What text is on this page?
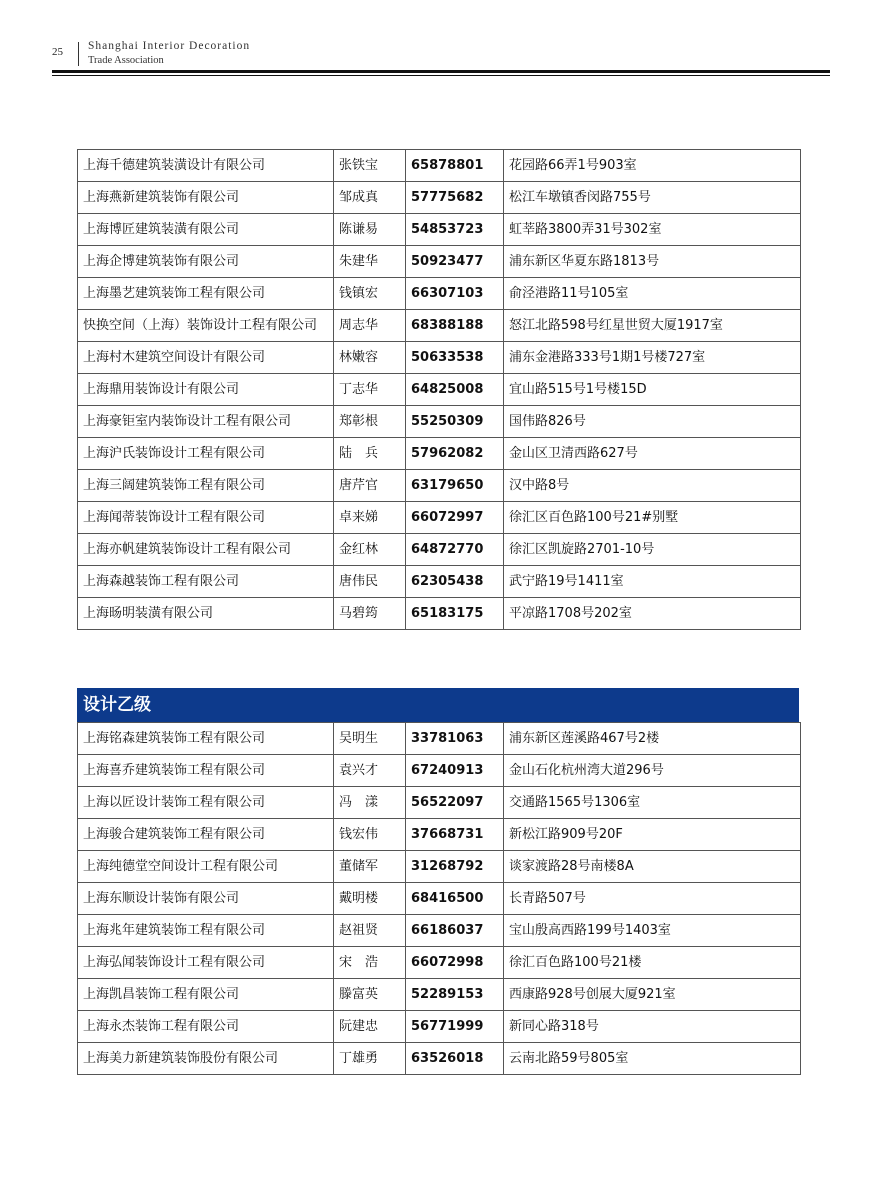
25 Shanghai Interior Decoration
Trade Association
上海千德建筑装潢设计有限公司	张铁宝	65878801	花园路66弄1号903室
上海燕新建筑装饰有限公司	邹成真	57775682	松江车墩镇香闵路755号
上海博匠建筑装潢有限公司	陈谦易	54853723	虹莘路3800弄31号302室
上海企博建筑装饰有限公司	朱建华	50923477	浦东新区华夏东路1813号
上海墨艺建筑装饰工程有限公司	钱镇宏	66307103	俞泾港路11号105室
快换空间（上海）装饰设计工程有限公司	周志华	68388188	怒江北路598号红星世贸大厦1917室
上海村木建筑空间设计有限公司	林嫩容	50633538	浦东金港路333号1期1号楼727室
上海鼎用装饰设计有限公司	丁志华	64825008	宜山路515号1号楼15D
上海豪钜室内装饰设计工程有限公司	郑彰根	55250309	国伟路826号
上海沪氏装饰设计工程有限公司	陆　兵	57962082	金山区卫清西路627号
上海三阔建筑装饰工程有限公司	唐芹官	63179650	汉中路8号
上海闻蒂装饰设计工程有限公司	卓来娣	66072997	徐汇区百色路100号21#别墅
上海亦帆建筑装饰设计工程有限公司	金红林	64872770	徐汇区凯旋路2701-10号
上海森越装饰工程有限公司	唐伟民	62305438	武宁路19号1411室
上海旸明装潢有限公司	马碧筠	65183175	平凉路1708号202室
设计乙级
上海铭森建筑装饰工程有限公司	吴明生	33781063	浦东新区莲溪路467号2楼
上海喜乔建筑装饰工程有限公司	袁兴才	67240913	金山石化杭州湾大道296号
上海以匠设计装饰工程有限公司	冯　漾	56522097	交通路1565号1306室
上海骏合建筑装饰工程有限公司	钱宏伟	37668731	新松江路909号20F
上海纯德堂空间设计工程有限公司	董储军	31268792	谈家渡路28号南楼8A
上海东顺设计装饰有限公司	戴明楼	68416500	长青路507号
上海兆年建筑装饰工程有限公司	赵祖贤	66186037	宝山殷高西路199号1403室
上海弘闻装饰设计工程有限公司	宋　浩	66072998	徐汇百色路100号21楼
上海凯昌装饰工程有限公司	滕富英	52289153	西康路928号创展大厦921室
上海永杰装饰工程有限公司	阮建忠	56771999	新同心路318号
上海美力新建筑装饰股份有限公司	丁雄勇	63526018	云南北路59号805室
